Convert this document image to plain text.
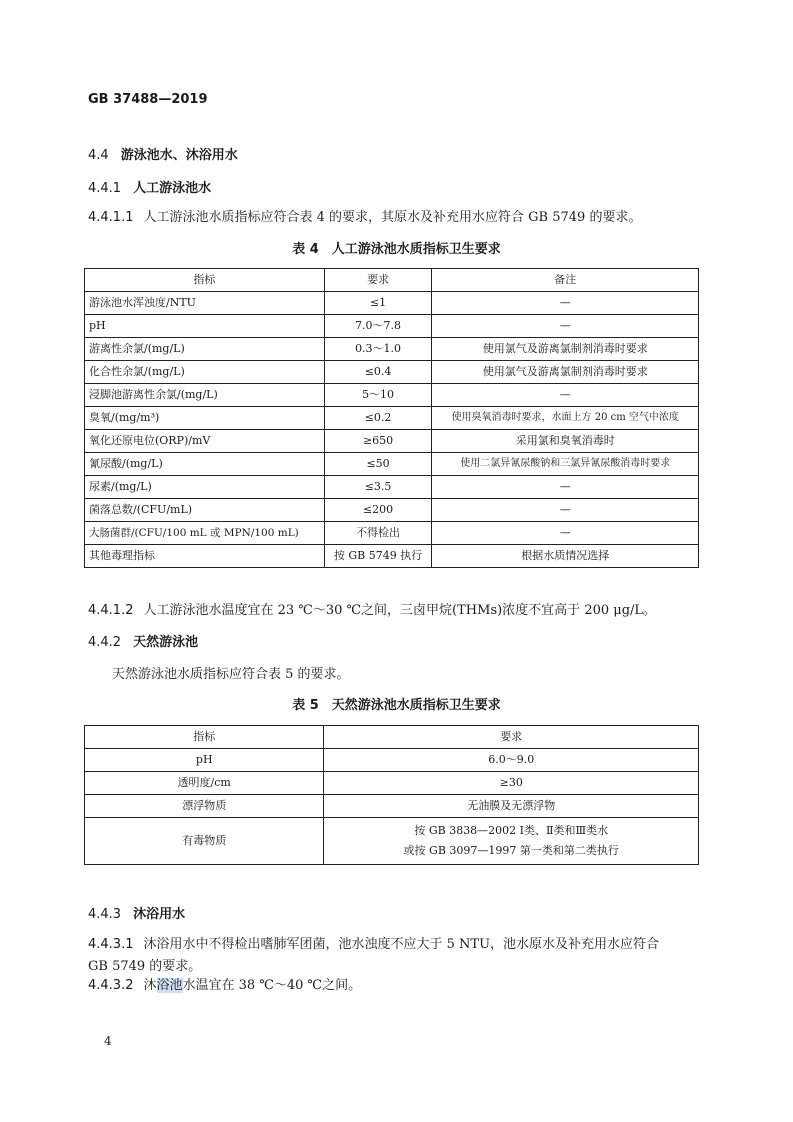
GB 37488—2019
4.4 游泳池水、沐浴用水
4.4.1 人工游泳池水
4.4.1.1 人工游泳池水质指标应符合表 4 的要求，其原水及补充用水应符合 GB 5749 的要求。
表 4　人工游泳池水质指标卫生要求
指标	要求	备注
游泳池水浑浊度/NTU	≤1	—
pH	7.0～7.8	—
游离性余氯/(mg/L)	0.3～1.0	使用氯气及游离氯制剂消毒时要求
化合性余氯/(mg/L)	≤0.4	使用氯气及游离氯制剂消毒时要求
浸脚池游离性余氯/(mg/L)	5～10	—
臭氧/(mg/m³)	≤0.2	使用臭氧消毒时要求，水面上方 20 cm 空气中浓度
氧化还原电位(ORP)/mV	≥650	采用氯和臭氧消毒时
氰尿酸/(mg/L)	≤50	使用二氯异氰尿酸钠和三氯异氰尿酸消毒时要求
尿素/(mg/L)	≤3.5	—
菌落总数/(CFU/mL)	≤200	—
大肠菌群/(CFU/100 mL 或 MPN/100 mL)	不得检出	—
其他毒理指标	按 GB 5749 执行	根据水质情况选择
4.4.1.2 人工游泳池水温度宜在 23 ℃～30 ℃之间，三卤甲烷(THMs)浓度不宜高于 200 μg/L。
4.4.2 天然游泳池
天然游泳池水质指标应符合表 5 的要求。
表 5　天然游泳池水质指标卫生要求
指标	要求
pH	6.0～9.0
透明度/cm	≥30
漂浮物质	无油膜及无漂浮物
有毒物质	按 GB 3838—2002 Ⅰ类、Ⅱ类和Ⅲ类水
或按 GB 3097—1997 第一类和第二类执行
4.4.3 沐浴用水
4.4.3.1 沐浴用水中不得检出嗜肺军团菌，池水浊度不应大于 5 NTU，池水原水及补充用水应符合
GB 5749 的要求。
4.4.3.2 沐浴池水温宜在 38 ℃～40 ℃之间。
4
